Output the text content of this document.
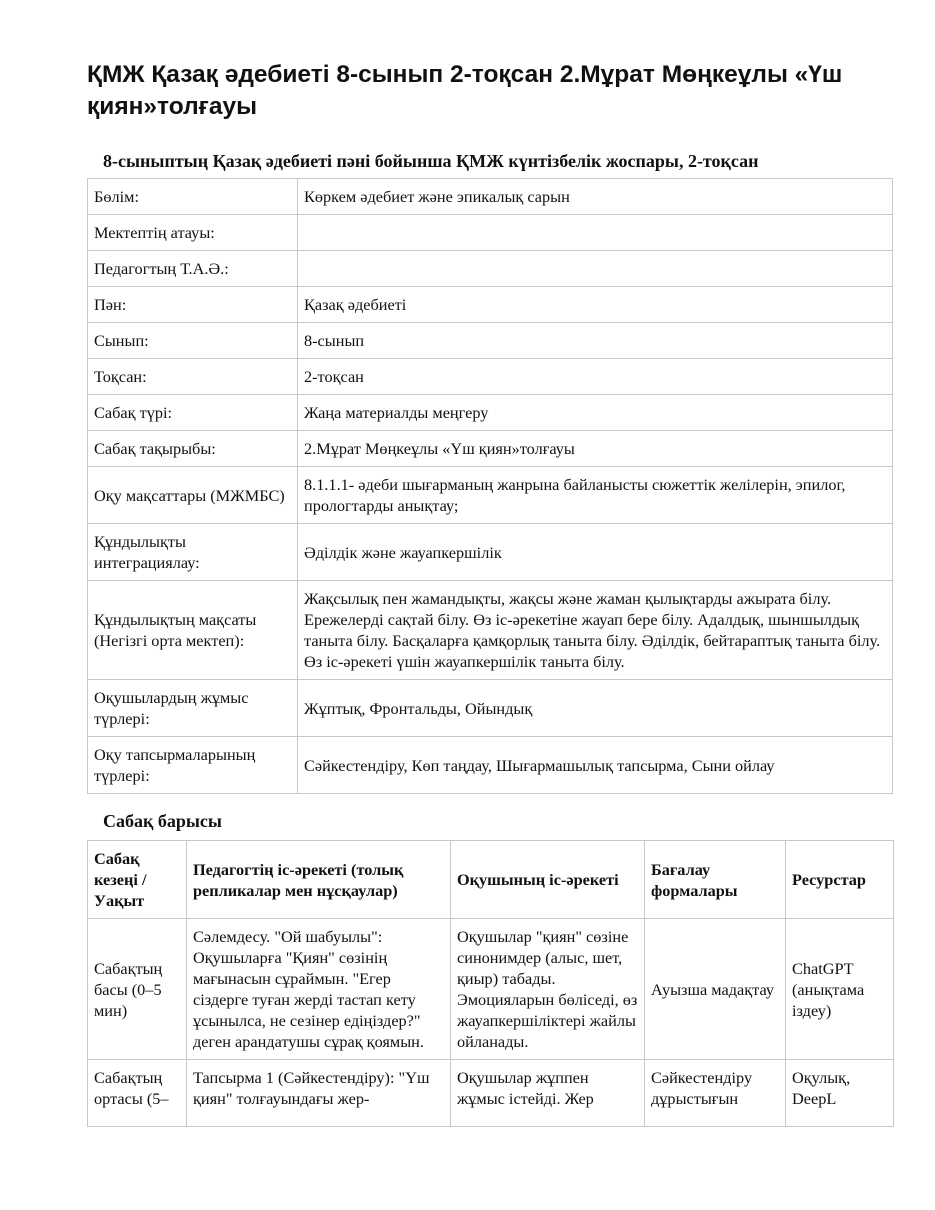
ҚМЖ Қазақ әдебиеті 8-сынып 2-тоқсан 2.Мұрат Мөңкеұлы «Үш қиян»толғауы
8-сыныптың Қазақ әдебиеті пәні бойынша ҚМЖ күнтізбелік жоспары, 2-тоқсан
Бөлім:	Көркем әдебиет және эпикалық сарын
Мектептің атауы:	
Педагогтың Т.А.Ә.:	
Пән:	Қазақ әдебиеті
Сынып:	8-сынып
Тоқсан:	2-тоқсан
Сабақ түрі:	Жаңа материалды меңгеру
Сабақ тақырыбы:	2.Мұрат Мөңкеұлы «Үш қиян»толғауы
Оқу мақсаттары (МЖМБС)	8.1.1.1- әдеби шығарманың жанрына байланысты сюжеттік желілерін, эпилог, прологтарды анықтау;
Құндылықты интеграциялау:	Әділдік және жауапкершілік
Құндылықтың мақсаты (Негізгі орта мектеп):	Жақсылық пен жамандықты, жақсы және жаман қылықтарды ажырата білу. Ережелерді сақтай білу. Өз іс-әрекетіне жауап бере білу. Адалдық, шыншылдық таныта білу. Басқаларға қамқорлық таныта білу. Әділдік, бейтараптық таныта білу. Өз іс-әрекеті үшін жауапкершілік таныта білу.
Оқушылардың жұмыс түрлері:	Жұптық, Фронтальды, Ойындық
Оқу тапсырмаларының түрлері:	Сәйкестендіру, Көп таңдау, Шығармашылық тапсырма, Сыни ойлау
Сабақ барысы
Сабақ кезеңі / Уақыт	Педагогтің іс-әрекеті (толық репликалар мен нұсқаулар)	Оқушының іс-әрекеті	Бағалау формалары	Ресурстар
Сабақтың басы (0–5 мин)	Сәлемдесу. "Ой шабуылы": Оқушыларға "Қиян" сөзінің мағынасын сұраймын. "Егер сіздерге туған жерді тастап кету ұсынылса, не сезінер едіңіздер?" деген арандатушы сұрақ қоямын.	Оқушылар "қиян" сөзіне синонимдер (алыс, шет, қиыр) табады. Эмоцияларын бөліседі, өз жауапкершіліктері жайлы ойланады.	Ауызша мадақтау	ChatGPT (анықтама іздеу)

Сабақтың ортасы (5–	Тапсырма 1 (Сәйкестендіру): "Үш қиян" толғауындағы жер-	Оқушылар жұппен жұмыс істейді. Жер	Сәйкестендіру дұрыстығын	Оқулық, DeepL
